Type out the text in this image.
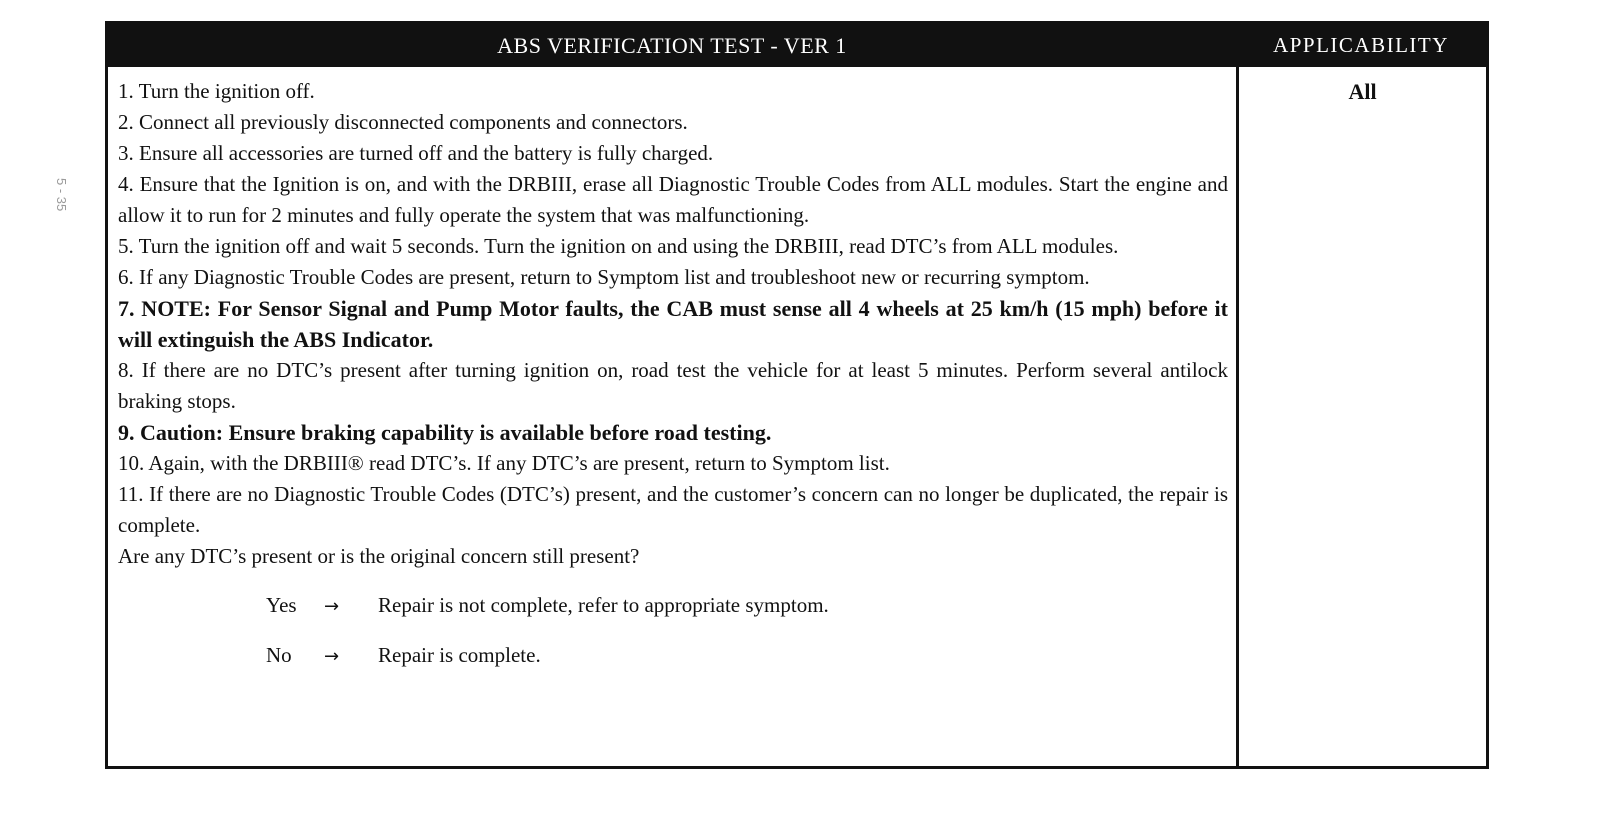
5 - 35
ABS VERIFICATION TEST - VER 1	APPLICABILITY

1. Turn the ignition off.

2. Connect all previously disconnected components and connectors.

3. Ensure all accessories are turned off and the battery is fully charged.

4. Ensure that the Ignition is on, and with the DRBIII, erase all Diagnostic Trouble Codes from ALL modules. Start the engine and allow it to run for 2 minutes and fully operate the system that was malfunctioning.

5. Turn the ignition off and wait 5 seconds. Turn the ignition on and using the DRBIII, read DTC’s from ALL modules.

6. If any Diagnostic Trouble Codes are present, return to Symptom list and troubleshoot new or recurring symptom.

7. NOTE: For Sensor Signal and Pump Motor faults, the CAB must sense all 4 wheels at 25 km/h (15 mph) before it will extinguish the ABS Indicator.

8. If there are no DTC’s present after turning ignition on, road test the vehicle for at least 5 minutes. Perform several antilock braking stops.

9. Caution: Ensure braking capability is available before road testing.

10. Again, with the DRBIII® read DTC’s. If any DTC’s are present, return to Symptom list.

11. If there are no Diagnostic Trouble Codes (DTC’s) present, and the customer’s concern can no longer be duplicated, the repair is complete.

Are any DTC’s present or is the original concern still present?

Yes	→	Repair is not complete, refer to appropriate symptom.
No	→	Repair is complete.
All
